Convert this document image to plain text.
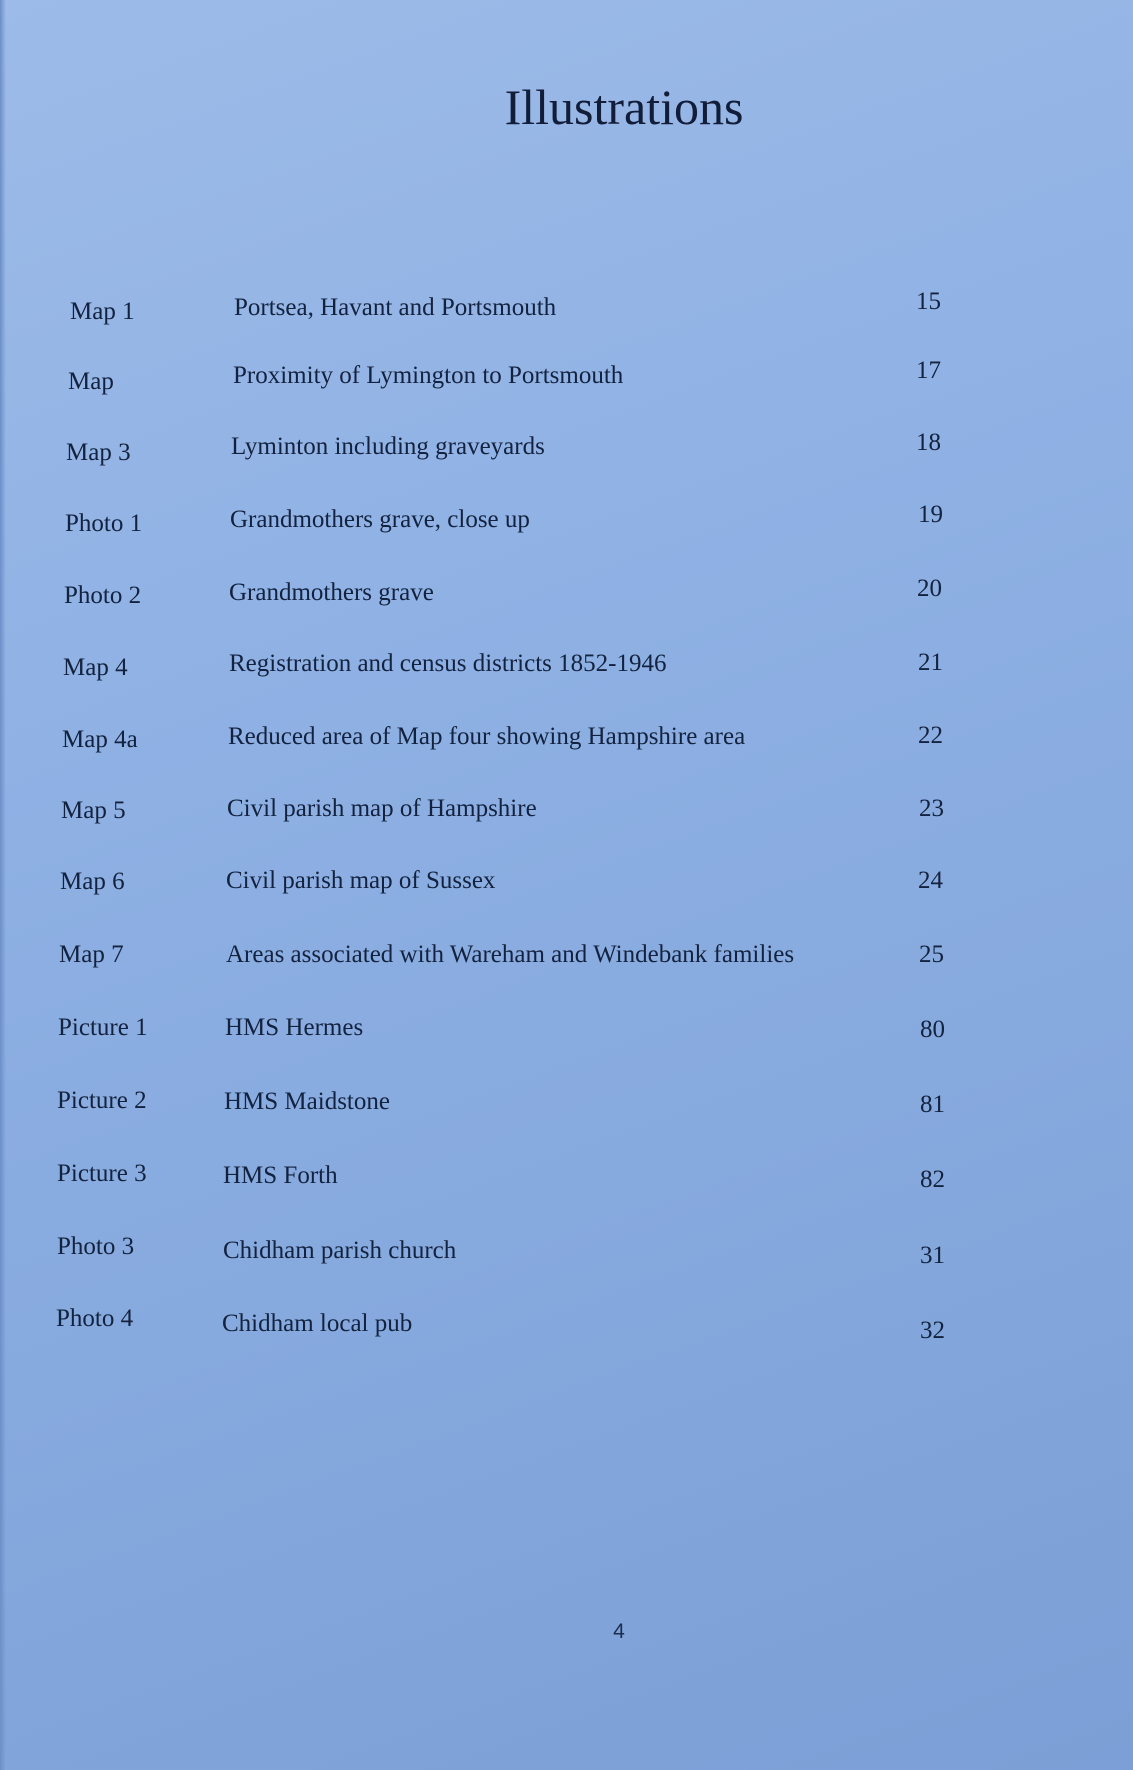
Illustrations
Map 1	Portsea, Havant and Portsmouth	15
Map	Proximity of Lymington to Portsmouth	17
Map 3	Lyminton including graveyards	18
Photo 1	Grandmothers grave, close up	19
Photo 2	Grandmothers grave	20
Map 4	Registration and census districts 1852-1946	21
Map 4a	Reduced area of Map four showing Hampshire area	22
Map 5	Civil parish map of Hampshire	23
Map 6	Civil parish map of Sussex	24
Map 7	Areas associated with Wareham and Windebank families	25
Picture 1	HMS Hermes	80
Picture 2	HMS Maidstone	81
Picture 3	HMS Forth	82
Photo 3	Chidham parish church	31
Photo 4	Chidham local pub	32
4
